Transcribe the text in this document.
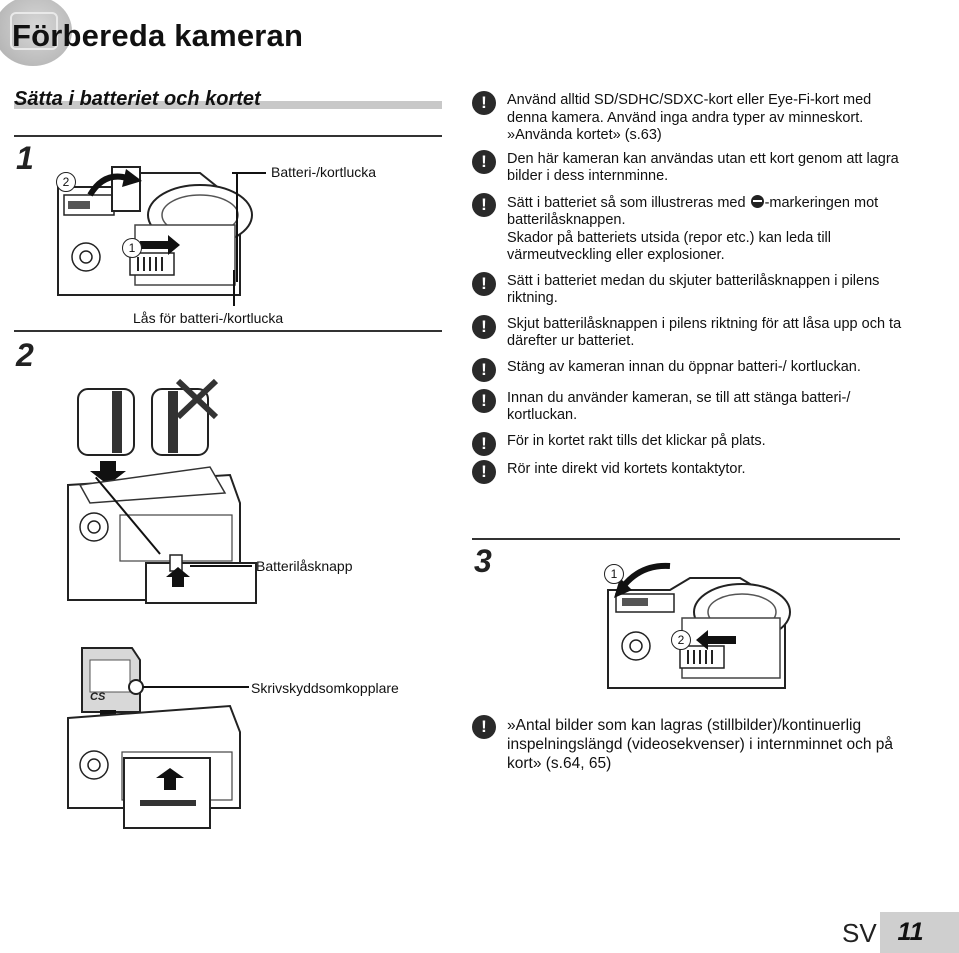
Förbereda kameran
Sätta i batteriet och kortet
1
2
3
2
1
Batteri-/kortlucka
Lås för batteri-/kortlucka
Batterilåsknapp
CS
Skrivskyddsomkopplare
1
2
!	Använd alltid SD/SDHC/SDXC-kort eller Eye-Fi-kort med denna kamera. Använd inga andra typer av minneskort. »Använda kortet» (s.63)
!	Den här kameran kan användas utan ett kort genom att lagra bilder i dess internminne.
!	Sätt i batteriet så som illustreras med -markeringen mot batterilåsknappen.
Skador på batteriets utsida (repor etc.) kan leda till värmeutveckling eller explosioner.
!	Sätt i batteriet medan du skjuter batterilåsknappen i pilens riktning.
!	Skjut batterilåsknappen i pilens riktning för att låsa upp och ta därefter ur batteriet.
!	Stäng av kameran innan du öppnar batteri-/ kortluckan.
!	Innan du använder kameran, se till att stänga batteri-/ kortluckan.
!	För in kortet rakt tills det klickar på plats.
!	Rör inte direkt vid kortets kontaktytor.
!	»Antal bilder som kan lagras (stillbilder)/kontinuerlig inspelningslängd (videosekvenser) i internminnet och på kort» (s.64, 65)
SV 11
